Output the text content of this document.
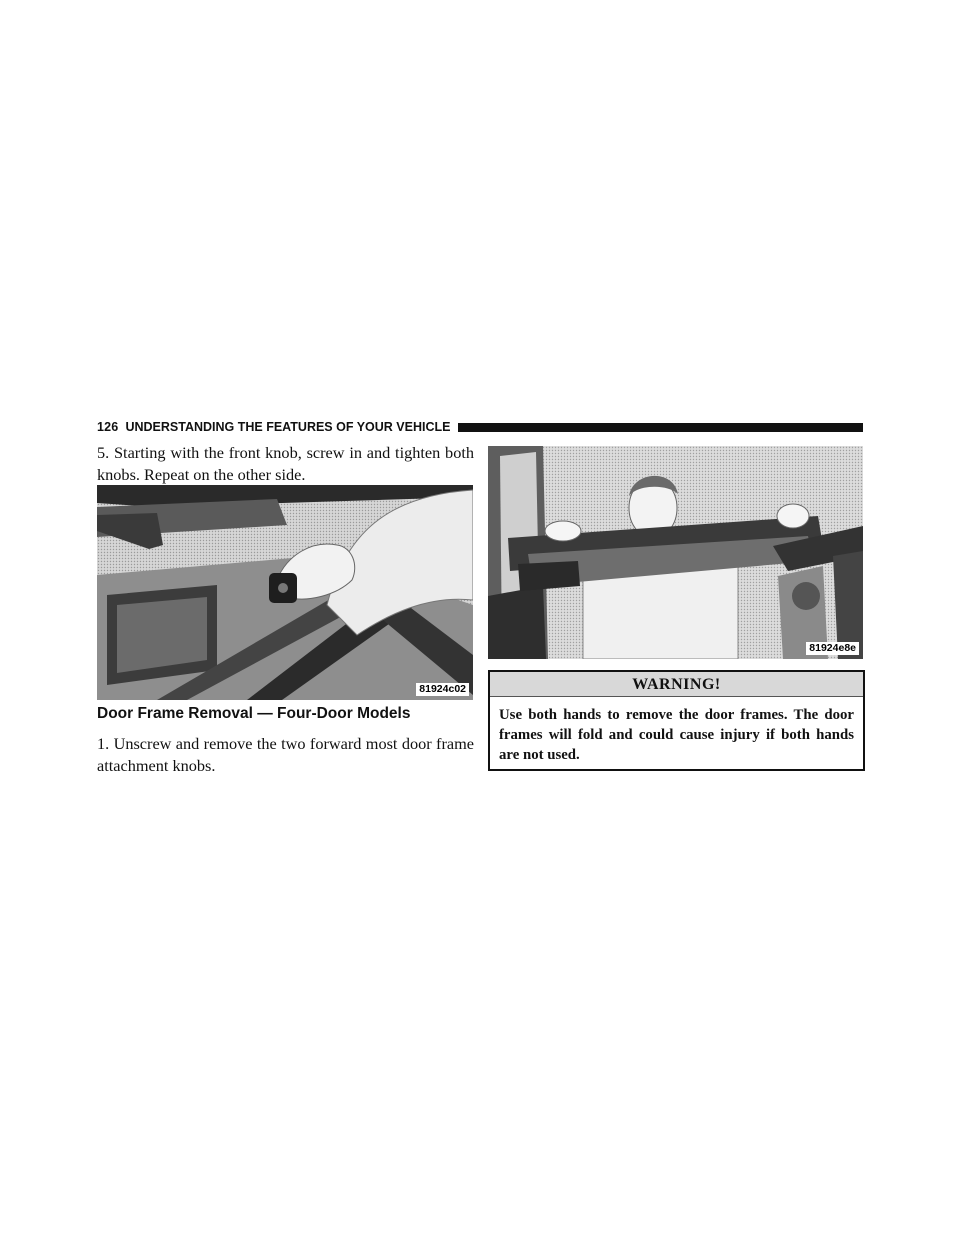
126 UNDERSTANDING THE FEATURES OF YOUR VEHICLE

5. Starting with the front knob, screw in and tighten both knobs. Repeat on the other side.

81924c02
Door Frame Removal — Four-Door Models

1. Unscrew and remove the two forward most door frame attachment knobs.

81924e8e
WARNING!
Use both hands to remove the door frames. The door frames will fold and could cause injury if both hands are not used.
